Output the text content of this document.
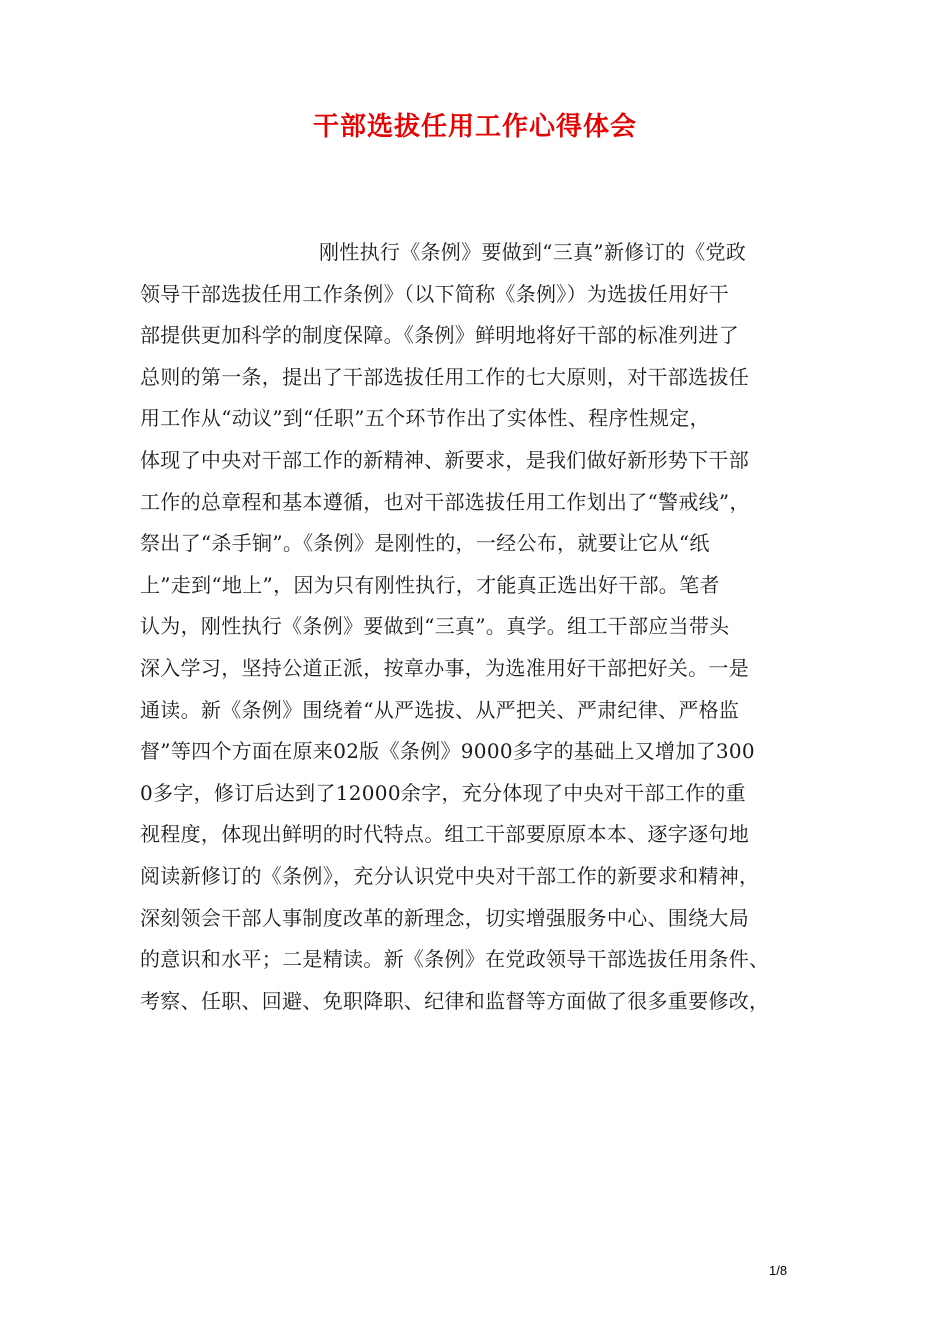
干部选拔任用工作心得体会
刚性执行《条例》要做到“三真”新修订的《党政
领导干部选拔任用工作条例》（以下简称《条例》）为选拔任用好干
部提供更加科学的制度保障。《条例》鲜明地将好干部的标准列进了
总则的第一条，提出了干部选拔任用工作的七大原则，对干部选拔任
用工作从“动议”到“任职”五个环节作出了实体性、程序性规定，
体现了中央对干部工作的新精神、新要求，是我们做好新形势下干部
工作的总章程和基本遵循，也对干部选拔任用工作划出了“警戒线”，
祭出了“杀手锏”。《条例》是刚性的，一经公布，就要让它从“纸
上”走到“地上”，因为只有刚性执行，才能真正选出好干部。笔者
认为，刚性执行《条例》要做到“三真”。真学。组工干部应当带头
深入学习，坚持公道正派，按章办事，为选准用好干部把好关。一是
通读。新《条例》围绕着“从严选拔、从严把关、严肃纪律、严格监
督”等四个方面在原来02版《条例》9000多字的基础上又增加了300
0多字，修订后达到了12000余字，充分体现了中央对干部工作的重
视程度，体现出鲜明的时代特点。组工干部要原原本本、逐字逐句地
阅读新修订的《条例》，充分认识党中央对干部工作的新要求和精神，
深刻领会干部人事制度改革的新理念，切实增强服务中心、围绕大局
的意识和水平；二是精读。新《条例》在党政领导干部选拔任用条件、
考察、任职、回避、免职降职、纪律和监督等方面做了很多重要修改，
1/8
